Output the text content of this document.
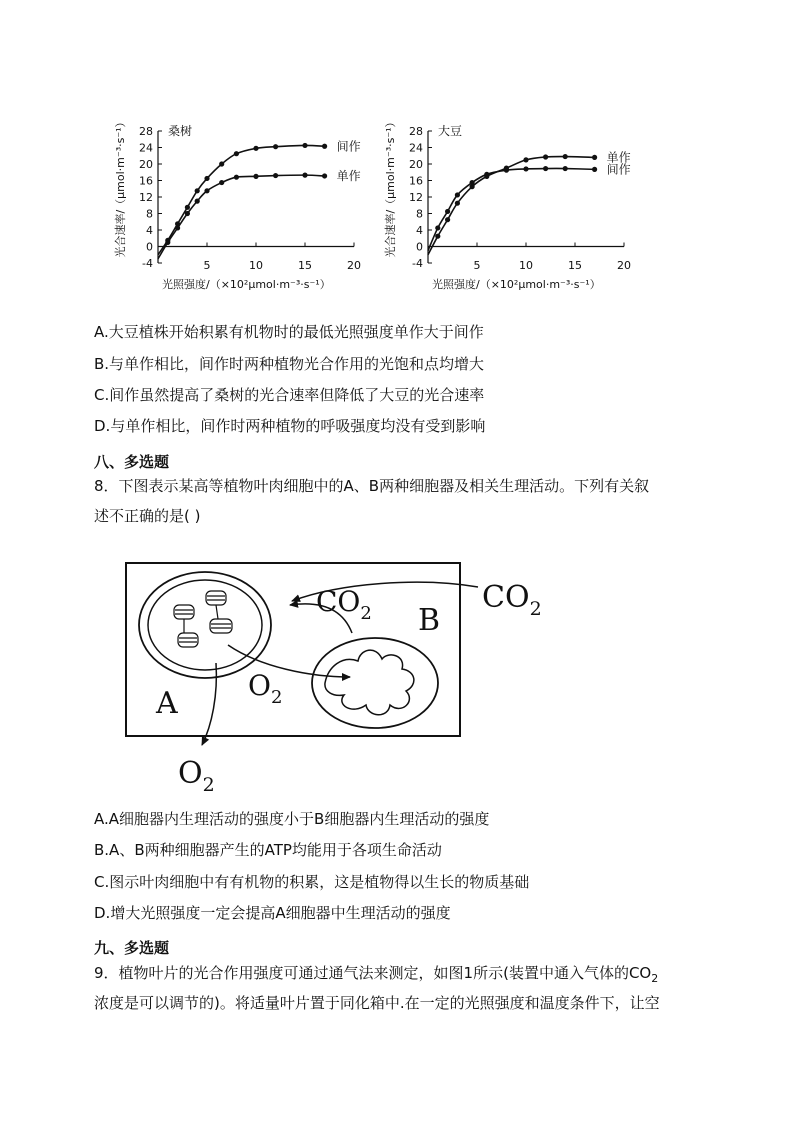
-4
0
4
8
12
16
20
24
28
5	10	15	20
桑树
光合速率/（μmol·m⁻³·s⁻¹）
光照强度/（×10²μmol·m⁻³·s⁻¹）
间作
单作
-4
0
4
8
12
16
20
24
28
5	10	15	20
大豆
光合速率/（μmol·m⁻³·s⁻¹）
光照强度/（×10²μmol·m⁻³·s⁻¹）
单作
间作
A.大豆植株开始积累有机物时的最低光照强度单作大于间作
B.与单作相比，间作时两种植物光合作用的光饱和点均增大
C.间作虽然提高了桑树的光合速率但降低了大豆的光合速率
D.与单作相比，间作时两种植物的呼吸强度均没有受到影响
八、多选题
8．下图表示某高等植物叶肉细胞中的A、B两种细胞器及相关生理活动。下列有关叙
述不正确的是( )
$CO_2$
$CO_2$ B
A
$O_2$
$O_2$
A.A细胞器内生理活动的强度小于B细胞器内生理活动的强度
B.A、B两种细胞器产生的ATP均能用于各项生命活动
C.图示叶肉细胞中有有机物的积累，这是植物得以生长的物质基础
D.增大光照强度一定会提高A细胞器中生理活动的强度
九、多选题
9．植物叶片的光合作用强度可通过通气法来测定，如图1所示(装置中通入气体的$CO_2$
浓度是可以调节的)。将适量叶片置于同化箱中.在一定的光照强度和温度条件下，让空
